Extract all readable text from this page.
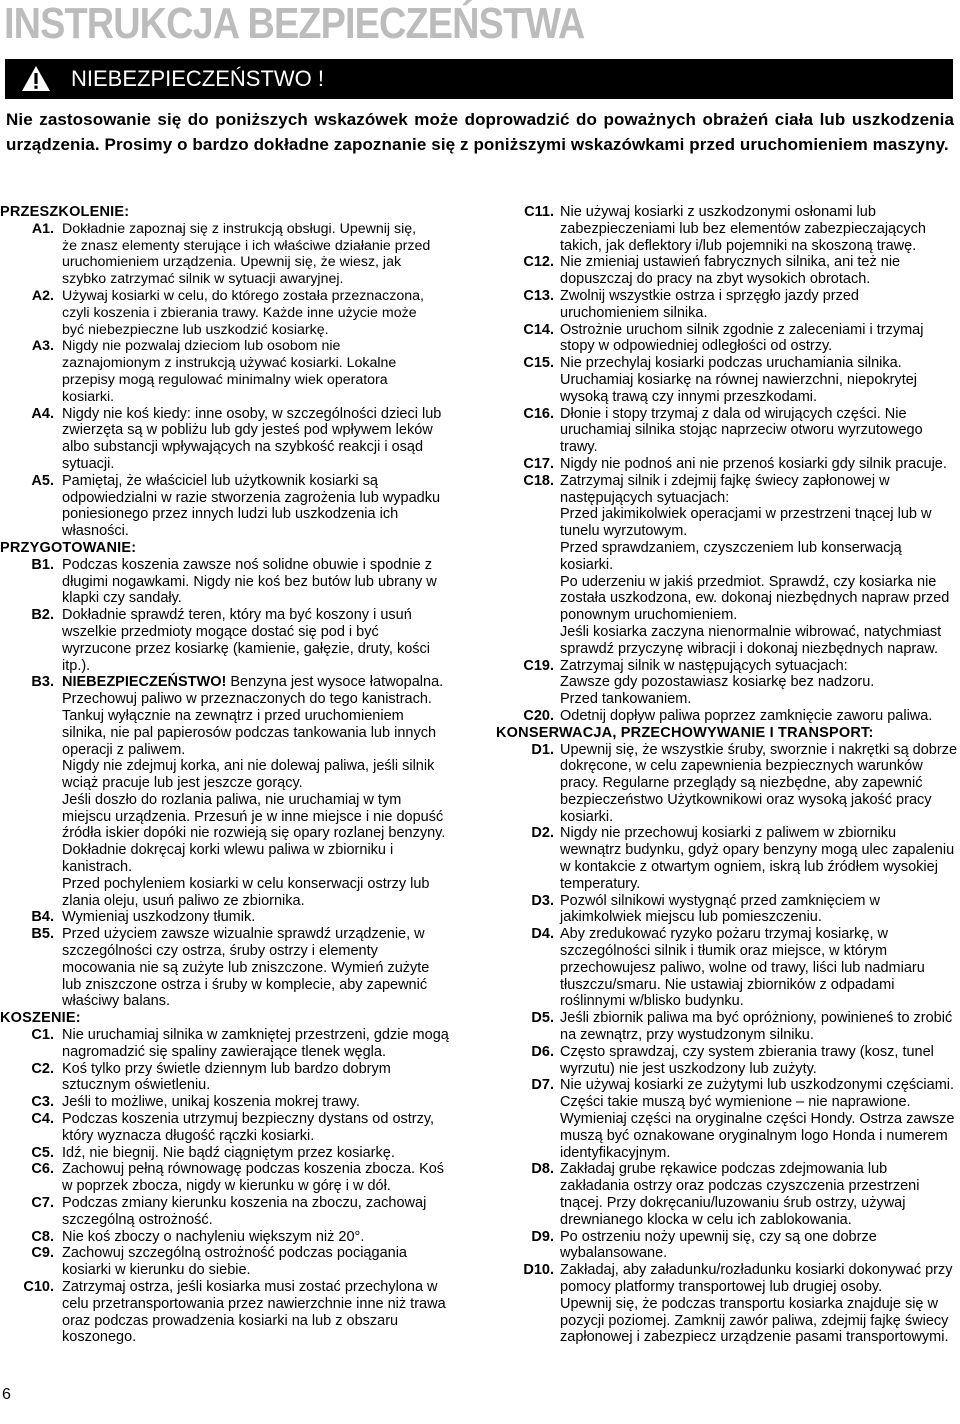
INSTRUKCJA BEZPIECZEŃSTWA
NIEBEZPIECZEŃSTWO !
Nie zastosowanie się do poniższych wskazówek może doprowadzić do poważnych obrażeń ciała lub uszkodzenia urządzenia. Prosimy o bardzo dokładne zapoznanie się z poniższymi wskazówkami przed uruchomieniem maszyny.
PRZESZKOLENIE:
A1. Dokładnie zapoznaj się z instrukcją obsługi. Upewnij się, że znasz elementy sterujące i ich właściwe działanie przed uruchomieniem urządzenia. Upewnij się, że wiesz, jak szybko zatrzymać silnik w sytuacji awaryjnej.
A2. Używaj kosiarki w celu, do którego została przeznaczona, czyli koszenia i zbierania trawy. Każde inne użycie może być niebezpieczne lub uszkodzić kosiarkę.
A3. Nigdy nie pozwalaj dzieciom lub osobom nie zaznajomionym z instrukcją używać kosiarki. Lokalne przepisy mogą regulować minimalny wiek operatora kosiarki.
A4. Nigdy nie koś kiedy: inne osoby, w szczególności dzieci lub zwierzęta są w pobliżu lub gdy jesteś pod wpływem leków albo substancji wpływających na szybkość reakcji i osąd sytuacji.
A5. Pamiętaj, że właściciel lub użytkownik kosiarki są odpowiedzialni w razie stworzenia zagrożenia lub wypadku poniesionego przez innych ludzi lub uszkodzenia ich własności.
PRZYGOTOWANIE:
B1. Podczas koszenia zawsze noś solidne obuwie i spodnie z długimi nogawkami. Nigdy nie koś bez butów lub ubrany w klapki czy sandały.
B2. Dokładnie sprawdź teren, który ma być koszony i usuń wszelkie przedmioty mogące dostać się pod i być wyrzucone przez kosiarkę (kamienie, gałęzie, druty, kości itp.).
B3. NIEBEZPIECZEŃSTWO! Benzyna jest wysoce łatwopalna.
Przechowuj paliwo w przeznaczonych do tego kanistrach.
Tankuj wyłącznie na zewnątrz i przed uruchomieniem silnika, nie pal papierosów podczas tankowania lub innych operacji z paliwem.
Nigdy nie zdejmuj korka, ani nie dolewaj paliwa, jeśli silnik wciąż pracuje lub jest jeszcze gorący.
Jeśli doszło do rozlania paliwa, nie uruchamiaj w tym miejscu urządzenia. Przesuń je w inne miejsce i nie dopuść źródła iskier dopóki nie rozwieją się opary rozlanej benzyny.
Dokładnie dokręcaj korki wlewu paliwa w zbiorniku i kanistrach.
Przed pochyleniem kosiarki w celu konserwacji ostrzy lub zlania oleju, usuń paliwo ze zbiornika.
B4. Wymieniaj uszkodzony tłumik.
B5. Przed użyciem zawsze wizualnie sprawdź urządzenie, w szczególności czy ostrza, śruby ostrzy i elementy mocowania nie są zużyte lub zniszczone. Wymień zużyte lub zniszczone ostrza i śruby w komplecie, aby zapewnić właściwy balans.
KOSZENIE:
C1. Nie uruchamiaj silnika w zamkniętej przestrzeni, gdzie mogą nagromadzić się spaliny zawierające tlenek węgla.
C2. Koś tylko przy świetle dziennym lub bardzo dobrym sztucznym oświetleniu.
C3. Jeśli to możliwe, unikaj koszenia mokrej trawy.
C4. Podczas koszenia utrzymuj bezpieczny dystans od ostrzy, który wyznacza długość rączki kosiarki.
C5. Idź, nie biegnij. Nie bądź ciągniętym przez kosiarkę.
C6. Zachowuj pełną równowagę podczas koszenia zbocza. Koś w poprzek zbocza, nigdy w kierunku w górę i w dół.
C7. Podczas zmiany kierunku koszenia na zboczu, zachowaj szczególną ostrożność.
C8. Nie koś zboczy o nachyleniu większym niż 20°.
C9. Zachowuj szczególną ostrożność podczas pociągania kosiarki w kierunku do siebie.
C10. Zatrzymaj ostrza, jeśli kosiarka musi zostać przechylona w celu przetransportowania przez nawierzchnie inne niż trawa oraz podczas prowadzenia kosiarki na lub z obszaru koszonego.
C11. Nie używaj kosiarki z uszkodzonymi osłonami lub zabezpieczeniami lub bez elementów zabezpieczających takich, jak deflektory i/lub pojemniki na skoszoną trawę.
C12. Nie zmieniaj ustawień fabrycznych silnika, ani też nie dopuszczaj do pracy na zbyt wysokich obrotach.
C13. Zwolnij wszystkie ostrza i sprzęgło jazdy przed uruchomieniem silnika.
C14. Ostrożnie uruchom silnik zgodnie z zaleceniami i trzymaj stopy w odpowiedniej odległości od ostrzy.
C15. Nie przechylaj kosiarki podczas uruchamiania silnika. Uruchamiaj kosiarkę na równej nawierzchni, niepokrytej wysoką trawą czy innymi przeszkodami.
C16. Dłonie i stopy trzymaj z dala od wirujących części. Nie uruchamiaj silnika stojąc naprzeciw otworu wyrzutowego trawy.
C17. Nigdy nie podnoś ani nie przenoś kosiarki gdy silnik pracuje.
C18. Zatrzymaj silnik i zdejmij fajkę świecy zapłonowej w następujących sytuacjach:
Przed jakimikolwiek operacjami w przestrzeni tnącej lub w tunelu wyrzutowym.
Przed sprawdzaniem, czyszczeniem lub konserwacją kosiarki.
Po uderzeniu w jakiś przedmiot. Sprawdź, czy kosiarka nie została uszkodzona, ew. dokonaj niezbędnych napraw przed ponownym uruchomieniem.
Jeśli kosiarka zaczyna nienormalnie wibrować, natychmiast sprawdź przyczynę wibracji i dokonaj niezbędnych napraw.
C19. Zatrzymaj silnik w następujących sytuacjach:
Zawsze gdy pozostawiasz kosiarkę bez nadzoru.
Przed tankowaniem.
C20. Odetnij dopływ paliwa poprzez zamknięcie zaworu paliwa.
KONSERWACJA, PRZECHOWYWANIE I TRANSPORT:
D1. Upewnij się, że wszystkie śruby, sworznie i nakrętki są dobrze dokręcone, w celu zapewnienia bezpiecznych warunków pracy. Regularne przeglądy są niezbędne, aby zapewnić bezpieczeństwo Użytkownikowi oraz wysoką jakość pracy kosiarki.
D2. Nigdy nie przechowuj kosiarki z paliwem w zbiorniku wewnątrz budynku, gdyż opary benzyny mogą ulec zapaleniu w kontakcie z otwartym ogniem, iskrą lub źródłem wysokiej temperatury.
D3. Pozwól silnikowi wystygnąć przed zamknięciem w jakimkolwiek miejscu lub pomieszczeniu.
D4. Aby zredukować ryzyko pożaru trzymaj kosiarkę, w szczególności silnik i tłumik oraz miejsce, w którym przechowujesz paliwo, wolne od trawy, liści lub nadmiaru tłuszczu/smaru. Nie ustawiaj zbiorników z odpadami roślinnymi w/blisko budynku.
D5. Jeśli zbiornik paliwa ma być opróżniony, powinieneś to zrobić na zewnątrz, przy wystudzonym silniku.
D6. Często sprawdzaj, czy system zbierania trawy (kosz, tunel wyrzutu) nie jest uszkodzony lub zużyty.
D7. Nie używaj kosiarki ze zużytymi lub uszkodzonymi częściami. Części takie muszą być wymienione – nie naprawione. Wymieniaj części na oryginalne części Hondy. Ostrza zawsze muszą być oznakowane oryginalnym logo Honda i numerem identyfikacyjnym.
D8. Zakładaj grube rękawice podczas zdejmowania lub zakładania ostrzy oraz podczas czyszczenia przestrzeni tnącej. Przy dokręcaniu/luzowaniu śrub ostrzy, używaj drewnianego klocka w celu ich zablokowania.
D9. Po ostrzeniu noży upewnij się, czy są one dobrze wybalansowane.
D10. Zakładaj, aby załadunku/rozładunku kosiarki dokonywać przy pomocy platformy transportowej lub drugiej osoby.
Upewnij się, że podczas transportu kosiarka znajduje się w pozycji poziomej. Zamknij zawór paliwa, zdejmij fajkę świecy zapłonowej i zabezpiecz urządzenie pasami transportowymi.
6
